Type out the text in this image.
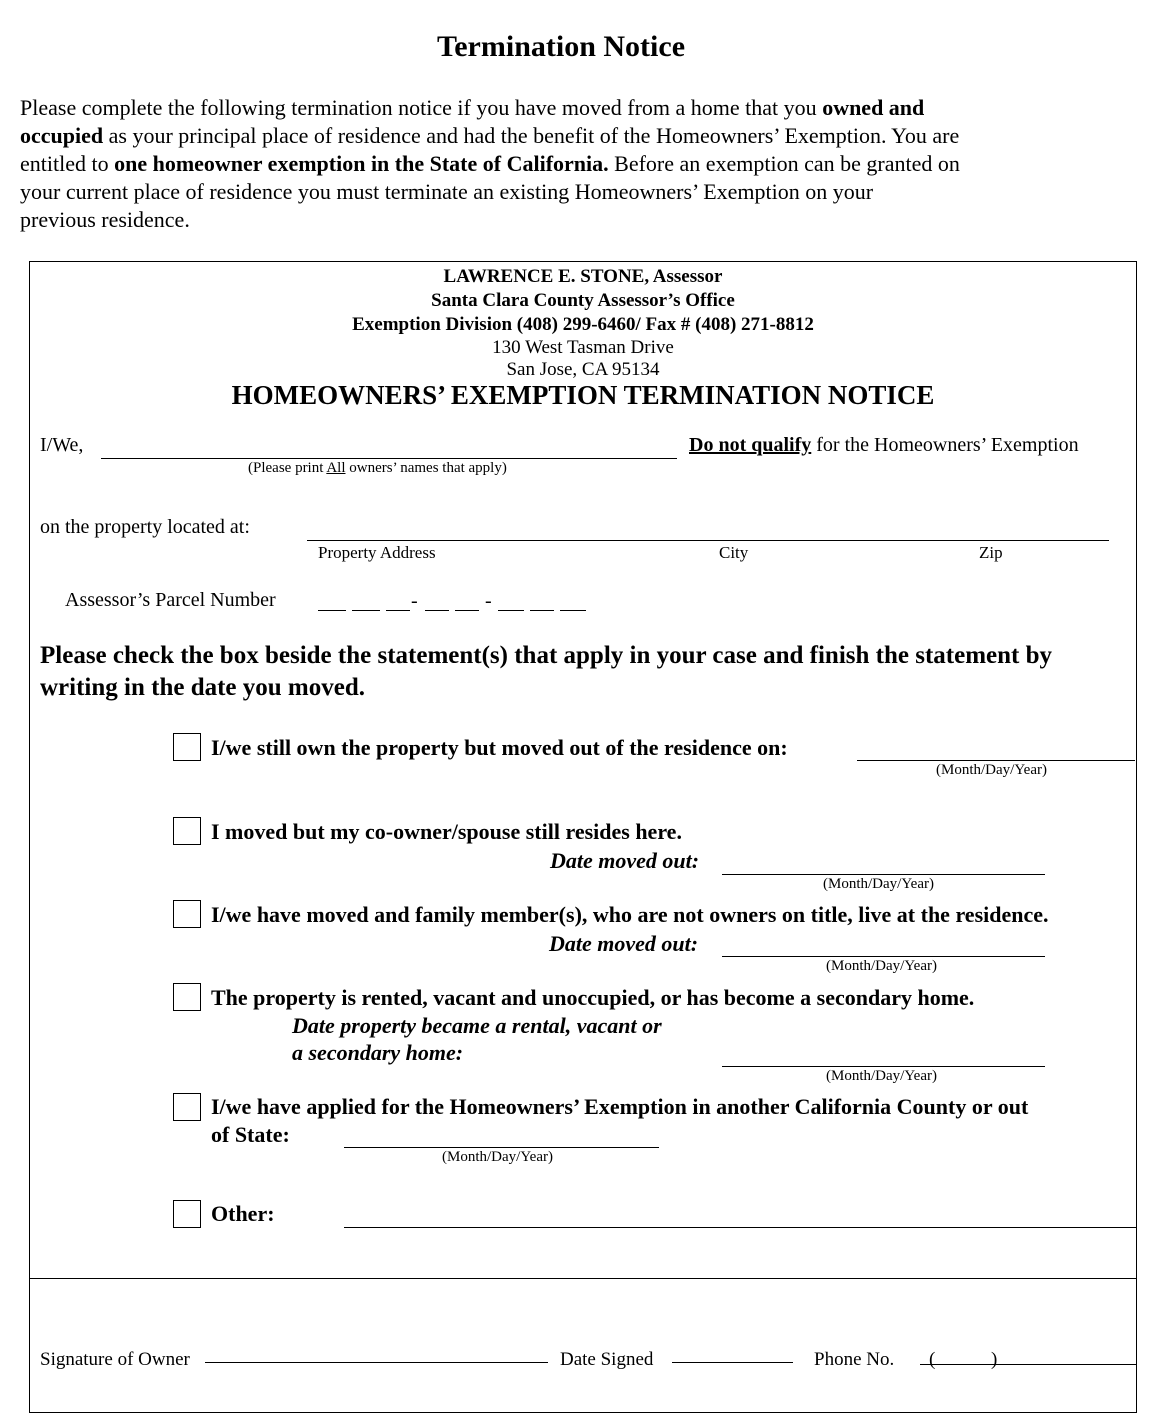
Termination Notice
Please complete the following termination notice if you have moved from a home that you owned and
occupied as your principal place of residence and had the benefit of the Homeowners’ Exemption. You are
entitled to one homeowner exemption in the State of California. Before an exemption can be granted on
your current place of residence you must terminate an existing Homeowners’ Exemption on your
previous residence.
LAWRENCE E. STONE, Assessor
Santa Clara County Assessor’s Office
Exemption Division (408) 299-6460/ Fax # (408) 271-8812
130 West Tasman Drive
San Jose, CA 95134
HOMEOWNERS’ EXEMPTION TERMINATION NOTICE
I/We,
(Please print All owners’ names that apply)
Do not qualify for the Homeowners’ Exemption
on the property located at:
Property Address	City	Zip
Assessor’s Parcel Number	-	-
Please check the box beside the statement(s) that apply in your case and finish the statement by writing in the date you moved.
I/we still own the property but moved out of the residence on:
(Month/Day/Year)
I moved but my co-owner/spouse still resides here.
Date moved out:
(Month/Day/Year)
I/we have moved and family member(s), who are not owners on title, live at the residence.
Date moved out:
(Month/Day/Year)
The property is rented, vacant and unoccupied, or has become a secondary home.
Date property became a rental, vacant or
a secondary home:
(Month/Day/Year)
I/we have applied for the Homeowners’ Exemption in another California County or out
of State:
(Month/Day/Year)
Other:
Signature of Owner	Date Signed	Phone No. (	)
